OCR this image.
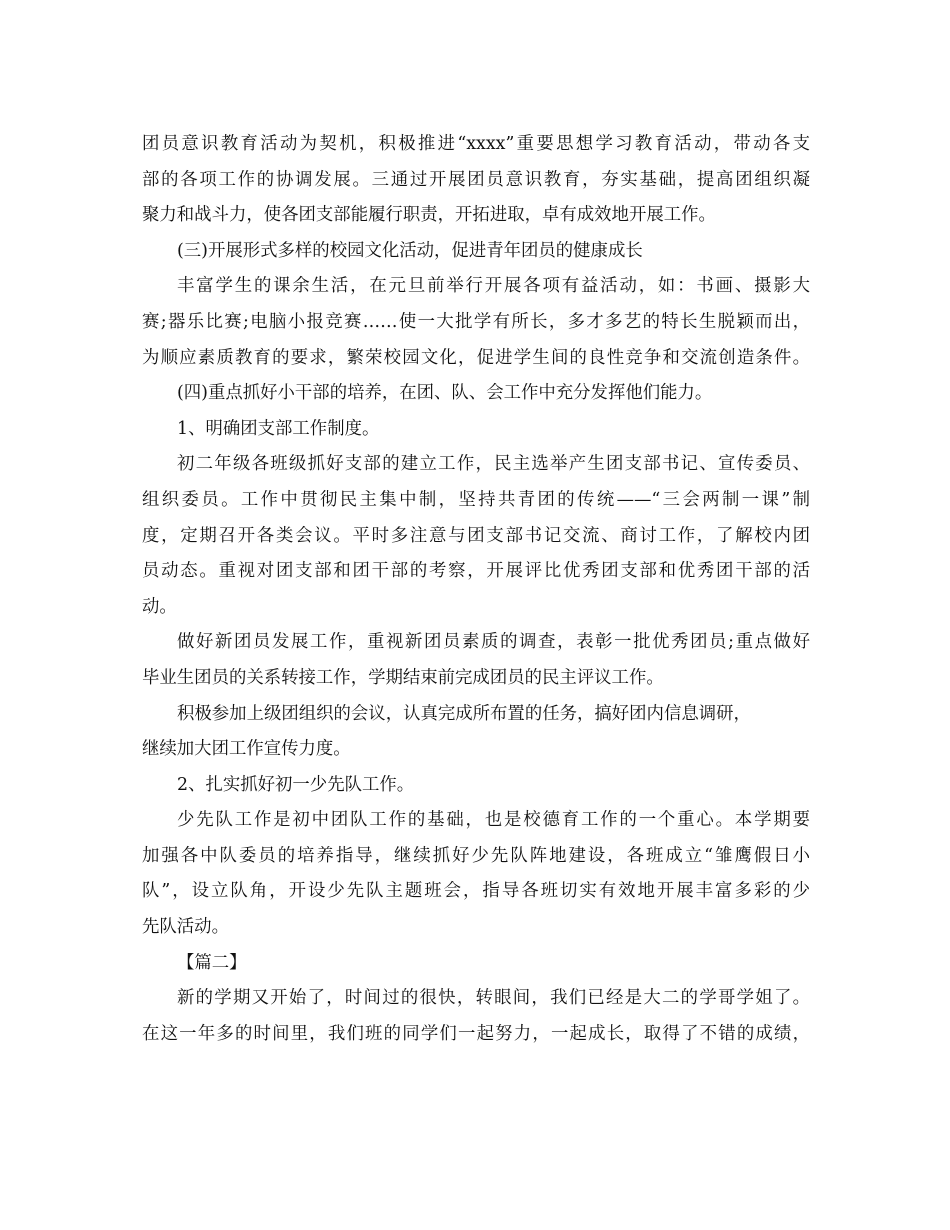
团员意识教育活动为契机，积极推进“xxxx”重要思想学习教育活动，带动各支
部的各项工作的协调发展。三通过开展团员意识教育，夯实基础，提高团组织凝
聚力和战斗力，使各团支部能履行职责，开拓进取，卓有成效地开展工作。
(三)开展形式多样的校园文化活动，促进青年团员的健康成长
丰富学生的课余生活，在元旦前举行开展各项有益活动，如：书画、摄影大
赛;器乐比赛;电脑小报竞赛……使一大批学有所长，多才多艺的特长生脱颖而出，
为顺应素质教育的要求，繁荣校园文化，促进学生间的良性竞争和交流创造条件。
(四)重点抓好小干部的培养，在团、队、会工作中充分发挥他们能力。
1、明确团支部工作制度。
初二年级各班级抓好支部的建立工作，民主选举产生团支部书记、宣传委员、
组织委员。工作中贯彻民主集中制，坚持共青团的传统——“三会两制一课”制
度，定期召开各类会议。平时多注意与团支部书记交流、商讨工作，了解校内团
员动态。重视对团支部和团干部的考察，开展评比优秀团支部和优秀团干部的活
动。
做好新团员发展工作，重视新团员素质的调查，表彰一批优秀团员;重点做好
毕业生团员的关系转接工作，学期结束前完成团员的民主评议工作。
积极参加上级团组织的会议，认真完成所布置的任务，搞好团内信息调研，
继续加大团工作宣传力度。
2、扎实抓好初一少先队工作。
少先队工作是初中团队工作的基础，也是校德育工作的一个重心。本学期要
加强各中队委员的培养指导，继续抓好少先队阵地建设，各班成立“雏鹰假日小
队”，设立队角，开设少先队主题班会，指导各班切实有效地开展丰富多彩的少
先队活动。
【篇二】
新的学期又开始了，时间过的很快，转眼间，我们已经是大二的学哥学姐了。
在这一年多的时间里，我们班的同学们一起努力，一起成长，取得了不错的成绩，
